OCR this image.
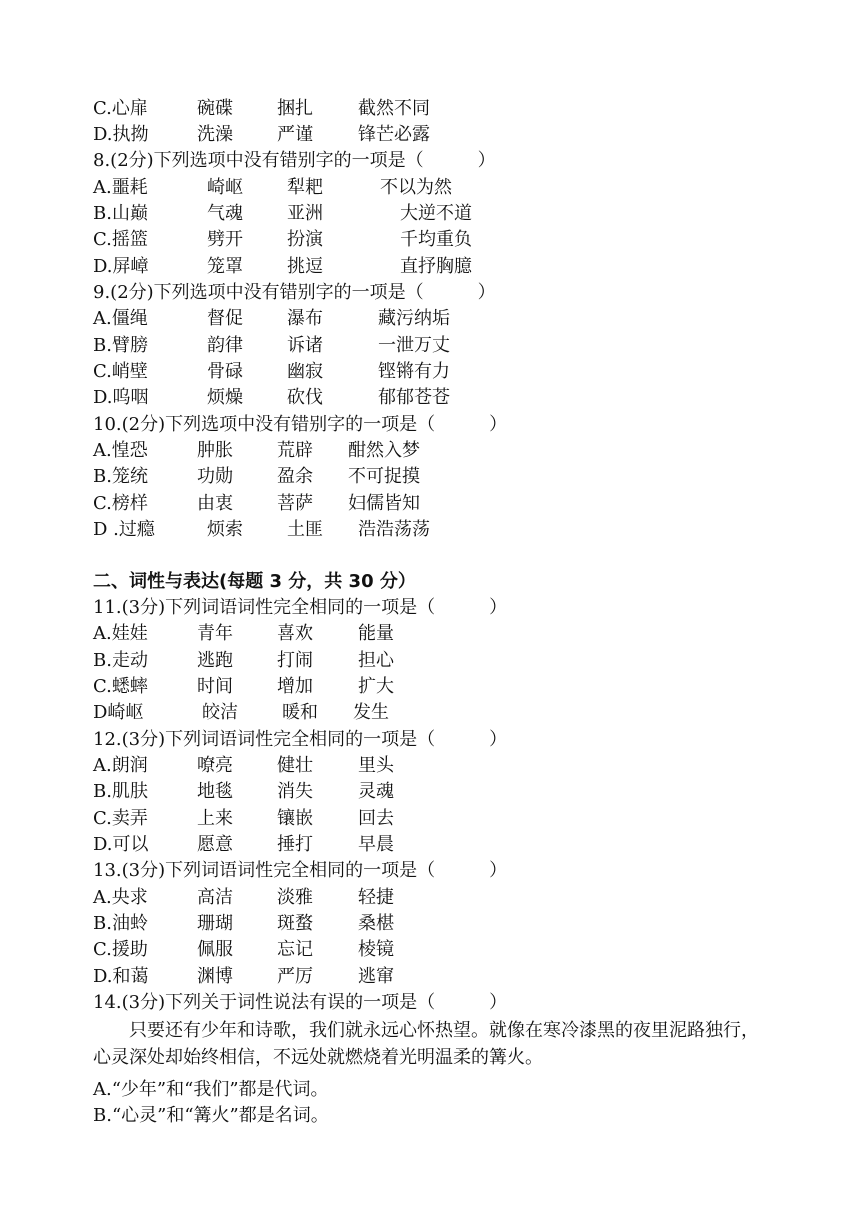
C.心扉	碗碟 捆扎	截然不同
D.执拗	洗澡 严谨	锋芒必露
8.(2分)下列选项中没有错别字的一项是（　　　）
A.噩耗	崎岖 犁耙	不以为然
B.山巅	气魂 亚洲	大逆不道
C.摇篮	劈开 扮演	千均重负
D.屏嶂	笼罩 挑逗	直抒胸臆
9.(2分)下列选项中没有错别字的一项是（　　　）
A.僵绳	督促 瀑布	藏污纳垢
B.臂膀	韵律 诉诸	一泄万丈
C.峭壁	骨碌 幽寂	铿锵有力
D.呜咽	烦燥 砍伐	郁郁苍苍
10.(2分)下列选项中没有错别字的一项是（　　　）
A.惶恐	肿胀 荒辟 酣然入梦
B.笼统	功勋 盈余 不可捉摸
C.榜样	由衷 菩萨 妇儒皆知
D .过瘾	烦索 土匪 浩浩荡荡
二、词性与表达(每题 3 分，共 30 分）
11.(3分)下列词语词性完全相同的一项是（　　　）
A.娃娃	青年 喜欢	能量
B.走动	逃跑 打闹	担心
C.蟋蟀	时间 增加	扩大
D崎岖	皎洁 暖和 发生
12.(3分)下列词语词性完全相同的一项是（　　　）
A.朗润	嘹亮 健壮	里头
B.肌肤	地毯 消失	灵魂
C.卖弄	上来 镶嵌	回去
D.可以	愿意 捶打	早晨
13.(3分)下列词语词性完全相同的一项是（　　　）
A.央求	高洁 淡雅	轻捷
B.油蛉	珊瑚 斑蝥	桑椹
C.援助	佩服 忘记	棱镜
D.和蔼	渊博 严厉	逃窜
14.(3分)下列关于词性说法有误的一项是（　　　）
只要还有少年和诗歌，我们就永远心怀热望。就像在寒冷漆黑的夜里泥路独行，心灵深处却始终相信，不远处就燃烧着光明温柔的篝火。
A.“少年”和“我们”都是代词。
B.“心灵”和“篝火”都是名词。
